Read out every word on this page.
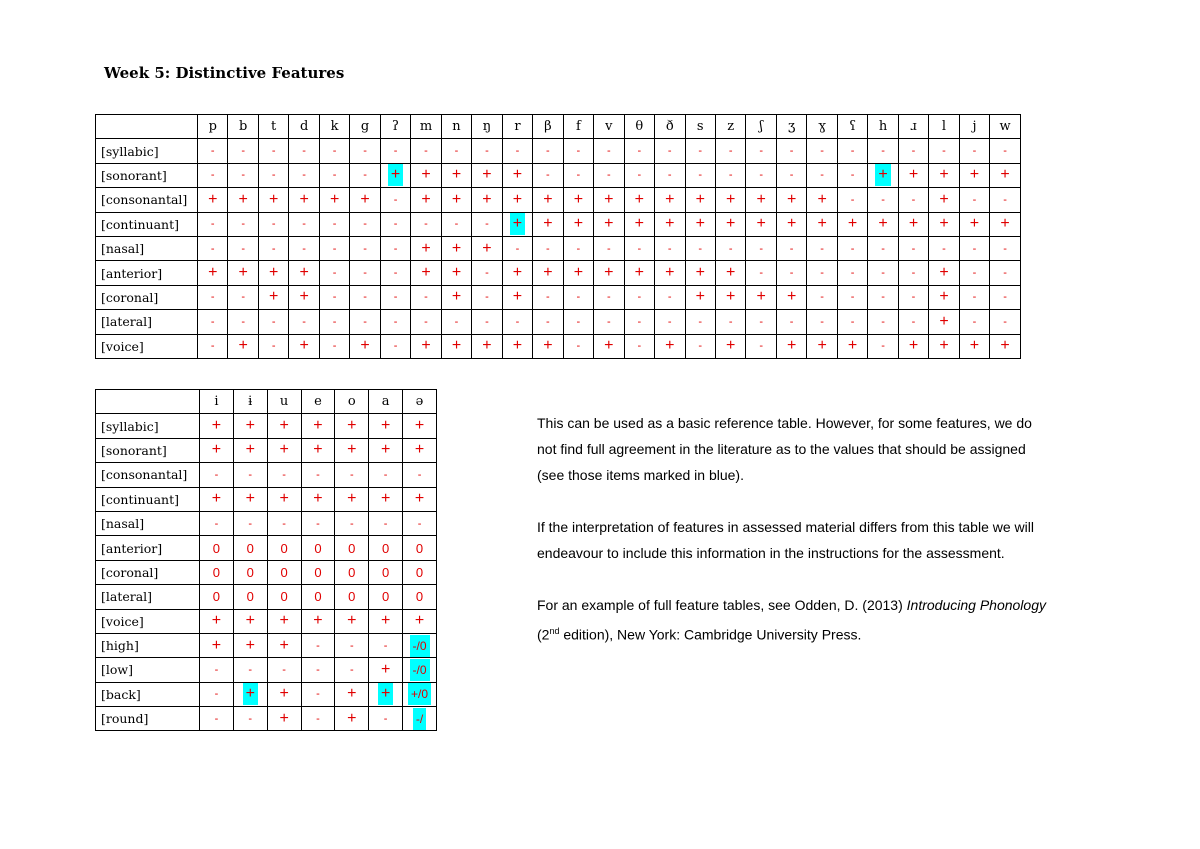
Week 5: Distinctive Features
	p	b	t	d	k	g	ʔ	m	n	ŋ	r	β	f	v	θ	ð	s	z	ʃ	ʒ	ɣ	ʕ	h	ɹ	l	j	w
[syllabic]	-	-	-	-	-	-	-	-	-	-	-	-	-	-	-	-	-	-	-	-	-	-	-	-	-	-	-
[sonorant]	-	-	-	-	-	-	+	+	+	+	+	-	-	-	-	-	-	-	-	-	-	-	+	+	+	+	+
[consonantal]	+	+	+	+	+	+	-	+	+	+	+	+	+	+	+	+	+	+	+	+	+	-	-	-	+	-	-
[continuant]	-	-	-	-	-	-	-	-	-	-	+	+	+	+	+	+	+	+	+	+	+	+	+	+	+	+	+
[nasal]	-	-	-	-	-	-	-	+	+	+	-	-	-	-	-	-	-	-	-	-	-	-	-	-	-	-	-
[anterior]	+	+	+	+	-	-	-	+	+	-	+	+	+	+	+	+	+	+	-	-	-	-	-	-	+	-	-
[coronal]	-	-	+	+	-	-	-	-	+	-	+	-	-	-	-	-	+	+	+	+	-	-	-	-	+	-	-
[lateral]	-	-	-	-	-	-	-	-	-	-	-	-	-	-	-	-	-	-	-	-	-	-	-	-	+	-	-
[voice]	-	+	-	+	-	+	-	+	+	+	+	+	-	+	-	+	-	+	-	+	+	+	-	+	+	+	+
	i	ɨ	u	e	o	a	ə
[syllabic]	+	+	+	+	+	+	+
[sonorant]	+	+	+	+	+	+	+
[consonantal]	-	-	-	-	-	-	-
[continuant]	+	+	+	+	+	+	+
[nasal]	-	-	-	-	-	-	-
[anterior]	0	0	0	0	0	0	0
[coronal]	0	0	0	0	0	0	0
[lateral]	0	0	0	0	0	0	0
[voice]	+	+	+	+	+	+	+
[high]	+	+	+	-	-	-	-/0
[low]	-	-	-	-	-	+	-/0
[back]	-	+	+	-	+	+	+/0
[round]	-	-	+	-	+	-	-/

This can be used as a basic reference table. However, for some features, we do not find full agreement in the literature as to the values that should be assigned (see those items marked in blue).

If the interpretation of features in assessed material differs from this table we will endeavour to include this information in the instructions for the assessment.

For an example of full feature tables, see Odden, D. (2013) Introducing Phonology (2nd edition), New York: Cambridge University Press.
